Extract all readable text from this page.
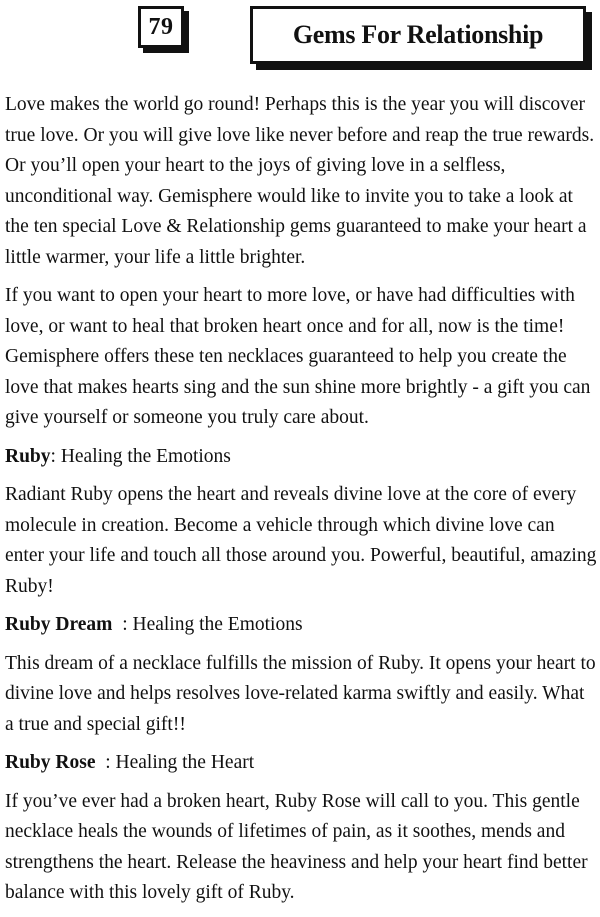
79	Gems For Relationship

Love makes the world go round! Perhaps this is the year you will discover true love. Or you will give love like never before and reap the true rewards. Or you’ll open your heart to the joys of giving love in a selfless, unconditional way. Gemisphere would like to invite you to take a look at the ten special Love & Relationship gems guaranteed to make your heart a little warmer, your life a little brighter.

If you want to open your heart to more love, or have had difficulties with love, or want to heal that broken heart once and for all, now is the time! Gemisphere offers these ten necklaces guaranteed to help you create the love that makes hearts sing and the sun shine more brightly - a gift you can give yourself or someone you truly care about.

Ruby: Healing the Emotions

Radiant Ruby opens the heart and reveals divine love at the core of every molecule in creation. Become a vehicle through which divine love can enter your life and touch all those around you. Powerful, beautiful, amazing Ruby!

Ruby Dream  : Healing the Emotions

This dream of a necklace fulfills the mission of Ruby. It opens your heart to divine love and helps resolves love-related karma swiftly and easily. What a true and special gift!!

Ruby Rose  : Healing the Heart

If you’ve ever had a broken heart, Ruby Rose will call to you. This gentle necklace heals the wounds of lifetimes of pain, as it soothes, mends and strengthens the heart. Release the heaviness and help your heart find better balance with this lovely gift of Ruby.
